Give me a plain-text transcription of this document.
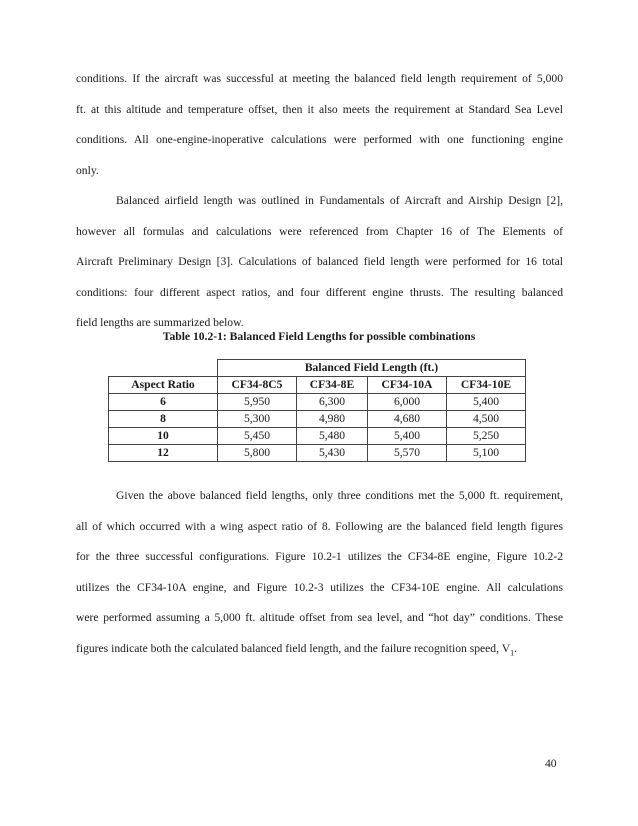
conditions. If the aircraft was successful at meeting the balanced field length requirement of 5,000
ft. at this altitude and temperature offset, then it also meets the requirement at Standard Sea Level
conditions. All one-engine-inoperative calculations were performed with one functioning engine
only.

Balanced airfield length was outlined in Fundamentals of Aircraft and Airship Design [2],
however all formulas and calculations were referenced from Chapter 16 of The Elements of
Aircraft Preliminary Design [3]. Calculations of balanced field length were performed for 16 total
conditions: four different aspect ratios, and four different engine thrusts. The resulting balanced
field lengths are summarized below.

Table 10.2-1: Balanced Field Lengths for possible combinations

	Balanced Field Length (ft.)			
Aspect Ratio	CF34-8C5	CF34-8E	CF34-10A	CF34-10E
6	5,950	6,300	6,000	5,400
8	5,300	4,980	4,680	4,500
10	5,450	5,480	5,400	5,250
12	5,800	5,430	5,570	5,100

Given the above balanced field lengths, only three conditions met the 5,000 ft. requirement,
all of which occurred with a wing aspect ratio of 8. Following are the balanced field length figures
for the three successful configurations. Figure 10.2-1 utilizes the CF34-8E engine, Figure 10.2-2
utilizes the CF34-10A engine, and Figure 10.2-3 utilizes the CF34-10E engine. All calculations
were performed assuming a 5,000 ft. altitude offset from sea level, and “hot day” conditions. These
figures indicate both the calculated balanced field length, and the failure recognition speed, $V_1$.

40
